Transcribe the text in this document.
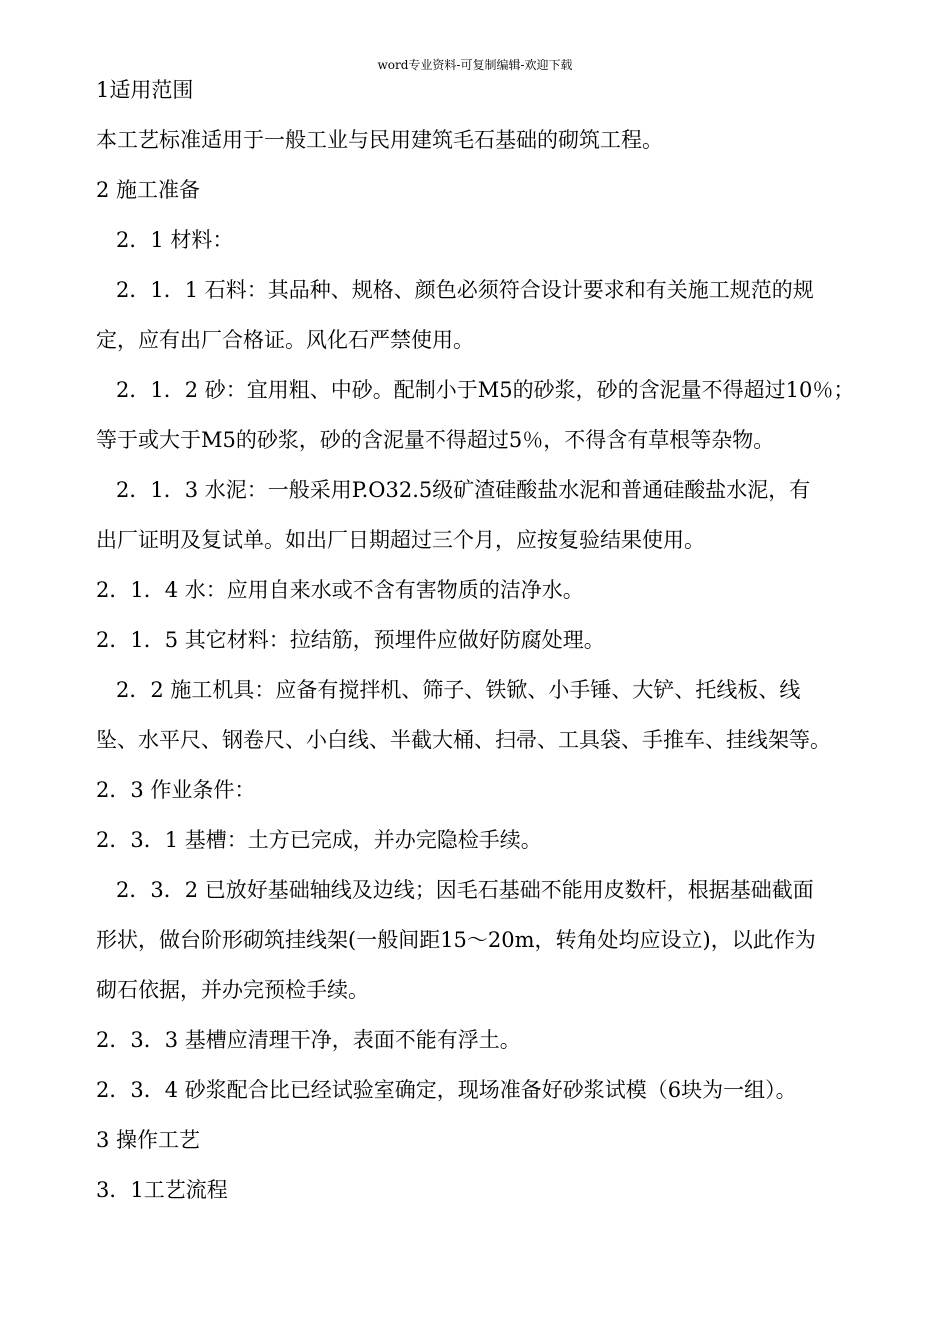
word专业资料-可复制编辑-欢迎下载
1适用范围
本工艺标准适用于一般工业与民用建筑毛石基础的砌筑工程。
2 施工准备
2．1 材料：
2．1．1 石料：其品种、规格、颜色必须符合设计要求和有关施工规范的规
定，应有出厂合格证。风化石严禁使用。
2．1．2 砂：宜用粗、中砂。配制小于M5的砂浆，砂的含泥量不得超过10％；
等于或大于M5的砂浆，砂的含泥量不得超过5％，不得含有草根等杂物。
2．1．3 水泥：一般采用P.O32.5级矿渣硅酸盐水泥和普通硅酸盐水泥，有
出厂证明及复试单。如出厂日期超过三个月，应按复验结果使用。
2．1．4 水：应用自来水或不含有害物质的洁净水。
2．1．5 其它材料：拉结筋，预埋件应做好防腐处理。
2．2 施工机具：应备有搅拌机、筛子、铁锨、小手锤、大铲、托线板、线
坠、水平尺、钢卷尺、小白线、半截大桶、扫帚、工具袋、手推车、挂线架等。
2．3 作业条件：
2．3．1 基槽：土方已完成，并办完隐检手续。
2．3．2 已放好基础轴线及边线；因毛石基础不能用皮数杆，根据基础截面
形状，做台阶形砌筑挂线架(一般间距15～20m，转角处均应设立)，以此作为
砌石依据，并办完预检手续。
2．3．3 基槽应清理干净，表面不能有浮土。
2．3．4 砂浆配合比已经试验室确定，现场准备好砂浆试模（6块为一组）。
3 操作工艺
3．1工艺流程
